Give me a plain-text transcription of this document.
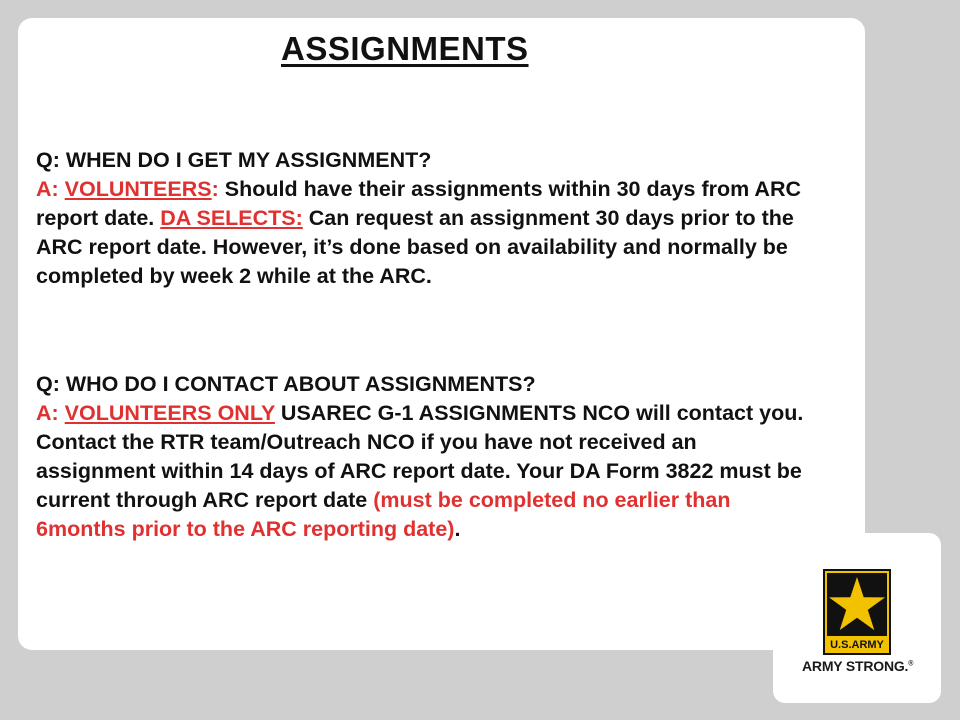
ASSIGNMENTS

Q: WHEN DO I GET MY ASSIGNMENT?
A: VOLUNTEERS: Should have their assignments within 30 days from ARC report date. DA SELECTS: Can request an assignment 30 days prior to the ARC report date. However, it’s done based on availability and normally be completed by week 2 while at the ARC.

Q: WHO DO I CONTACT ABOUT ASSIGNMENTS?
A: VOLUNTEERS ONLY USAREC G-1 ASSIGNMENTS NCO will contact you. Contact the RTR team/Outreach NCO if you have not received an assignment within 14 days of ARC report date. Your DA Form 3822 must be current through ARC report date (must be completed no earlier than 6months prior to the ARC reporting date).

U.S.ARMY
ARMY STRONG.®
